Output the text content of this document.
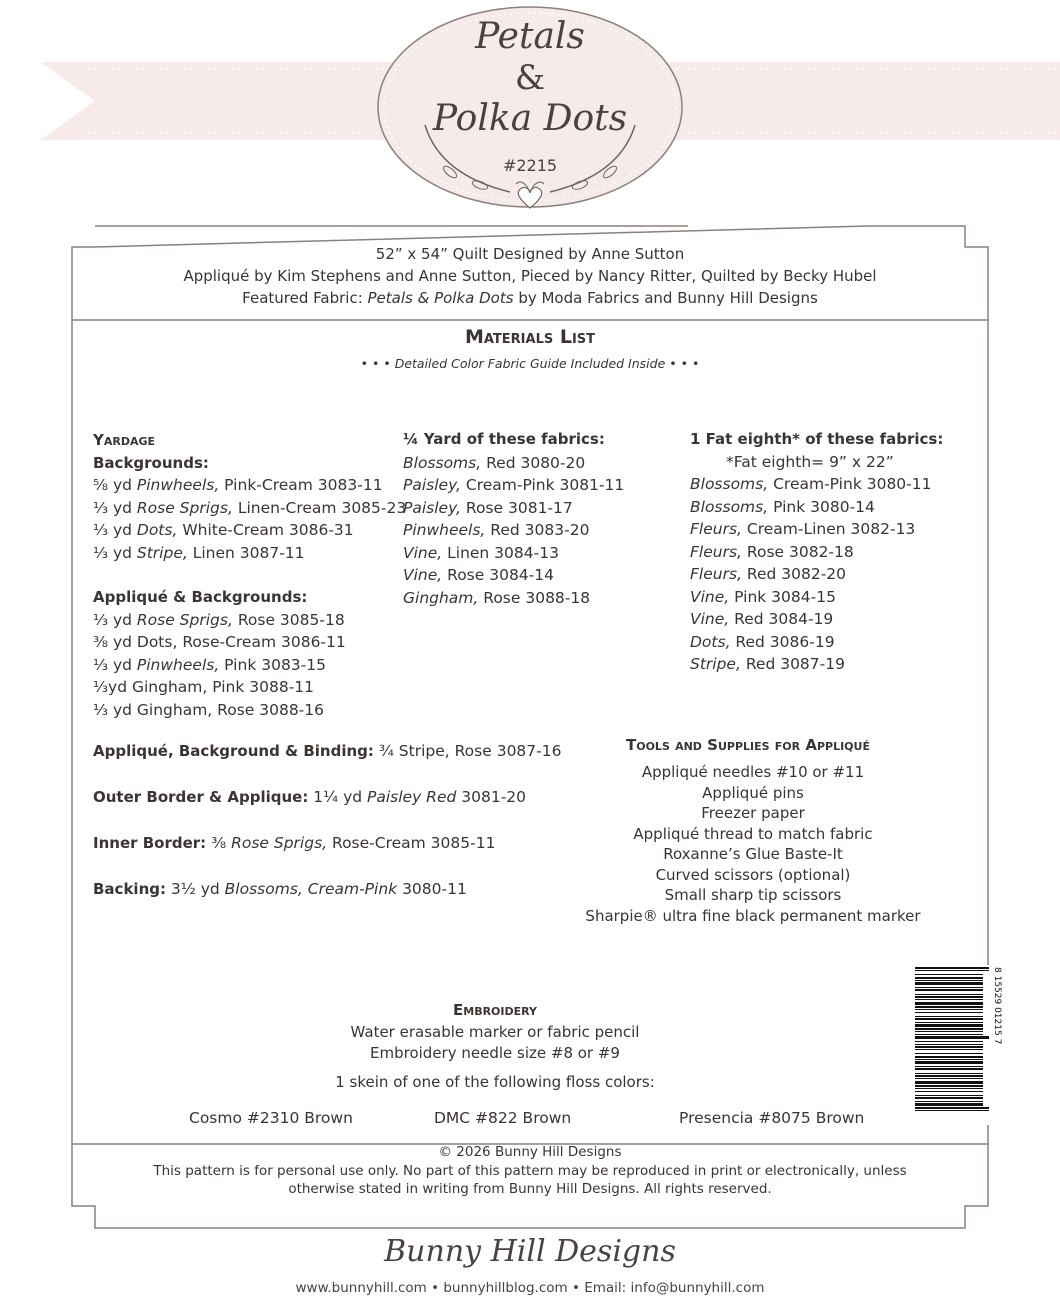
Petals
&
Polka Dots
#2215
52” x 54” Quilt Designed by Anne Sutton
Appliqué by Kim Stephens and Anne Sutton, Pieced by Nancy Ritter, Quilted by Becky Hubel
Featured Fabric: Petals & Polka Dots by Moda Fabrics and Bunny Hill Designs
Materials List
• • • Detailed Color Fabric Guide Included Inside • • •
Yardage
Backgrounds:
⅝ yd Pinwheels, Pink-Cream 3083-11
⅓ yd Rose Sprigs, Linen-Cream 3085-23
⅓ yd Dots, White-Cream 3086-31
⅓ yd Stripe, Linen 3087-11
Appliqué & Backgrounds:
⅓ yd Rose Sprigs, Rose 3085-18
⅜ yd Dots, Rose-Cream 3086-11
⅓ yd Pinwheels, Pink 3083-15
⅓yd Gingham, Pink 3088-11
⅓ yd Gingham, Rose 3088-16
¼ Yard of these fabrics:
Blossoms, Red 3080-20
Paisley, Cream-Pink 3081-11
Paisley, Rose 3081-17
Pinwheels, Red 3083-20
Vine, Linen 3084-13
Vine, Rose 3084-14
Gingham, Rose 3088-18
1 Fat eighth* of these fabrics:
*Fat eighth= 9” x 22”
Blossoms, Cream-Pink 3080-11
Blossoms, Pink 3080-14
Fleurs, Cream-Linen 3082-13
Fleurs, Rose 3082-18
Fleurs, Red 3082-20
Vine, Pink 3084-15
Vine, Red 3084-19
Dots, Red 3086-19
Stripe, Red 3087-19
Appliqué, Background & Binding: ¾ Stripe, Rose 3087-16
Outer Border & Applique: 1¼ yd Paisley Red 3081-20
Inner Border: ⅜ Rose Sprigs, Rose-Cream 3085-11
Backing: 3½ yd Blossoms, Cream-Pink 3080-11
Tools and Supplies for Appliqué
Appliqué needles #10 or #11
Appliqué pins
Freezer paper
Appliqué thread to match fabric
Roxanne’s Glue Baste-It
Curved scissors (optional)
Small sharp tip scissors
Sharpie® ultra fine black permanent marker
8 15529 01215 7
Embroidery
Water erasable marker or fabric pencil
Embroidery needle size #8 or #9
1 skein of one of the following floss colors:
Cosmo #2310 Brown	DMC #822 Brown	Presencia #8075 Brown
© 2026 Bunny Hill Designs
This pattern is for personal use only. No part of this pattern may be reproduced in print or electronically, unless otherwise stated in writing from Bunny Hill Designs. All rights reserved.
Bunny Hill Designs
www.bunnyhill.com • bunnyhillblog.com • Email: info@bunnyhill.com
